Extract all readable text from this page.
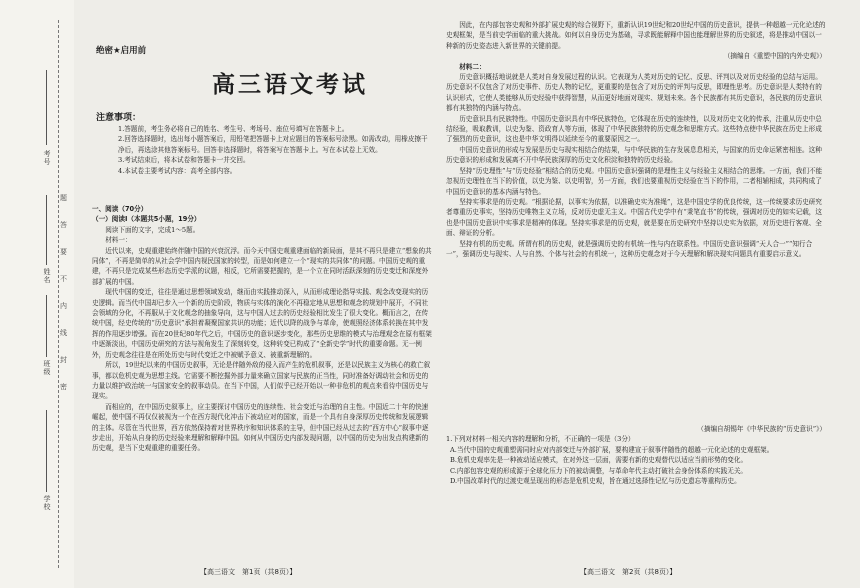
考号
姓名
班级
学校
密
封
线
内
不
要
答
题
绝密★启用前
高三语文考试
注意事项：

1.答题前，考生务必将自己的姓名、考生号、考场号、座位号填写在答题卡上。

2.回答选择题时，选出每小题答案后，用铅笔把答题卡上对应题目的答案标号涂黑。如需改动，用橡皮擦干净后，再选涂其他答案标号。回答非选择题时，将答案写在答题卡上。写在本试卷上无效。

3.考试结束后，将本试卷和答题卡一并交回。

4.本试卷主要考试内容：高考全部内容。

一、阅读（70分）

（一）阅读Ⅰ（本题共5小题，19分）

阅读下面的文字，完成1～5题。

材料一：

近代以来，史观重建始终伴随中国的兴衰沉浮。而今天中国史观重建面临的新局面，是其不再只是建立“想象的共同体”，不再是简单的从社会学中国内视民国家的转型，而是如何建立一个“现实的共同体”的问题。中国历史观的重建，不再只是完成某些形态历史学派的议题，相反，它所需要把握的，是一个立在同时活跃深刻的历史变迁和深度外部扩展的中国。

现代中国的变迁，往往是通过思想领域发动，继而由实践推动深入，从而形成理论指导实践、观念改变现实的历史逻辑。而当代中国却已步入一个新的历史阶段，物质与实体的演化不再稳定地从思想和观念的规划中展开，不同社会领域的分化，不再服从于文化观念的抽象导向，这与中国人过去的历史经验相比发生了很大变化。概而言之，在传统中国，经史传统的“历史意识”承担着凝聚国家共识的功能；近代以降的战争与革命，使观照经济体系转换在其中发挥的作用逐步增强。而在20世纪80年代之后，中国历史的意识逐步变化，那些历史思维的模式与治理观念在原有框架中逐渐淡出，中国历史研究的方法与视角发生了深刻转变，这种转变已构成了“全新史学”时代的重要命题。无一例外，历史观念往往是在所处历史与时代变迁之中被赋予意义、被重新理解的。

所以，19世纪以来的中国历史叙事，无论是伴随外敌的侵入而产生的危机叙事，还是以民族主义为核心的救亡叙事，都以危机史观为思想主线。它需要不断挖掘外部力量来确立国家与民族的正当性，同时准备好调动社会和历史的力量以维护政治统一与国家安全的叙事动员。在当下中国，人们似乎已经开始以一种非危机的观点来看待中国历史与现实。

而相应的，在中国历史叙事上，应主要探讨中国历史的连续性、社会变迁与治理的自主性。中国近二十年的快速崛起，使中国不再仅仅被视为一个在西方现代化冲击下被动应对的国家，而是一个具有自身深厚历史传统和发展逻辑的主体。尽管在当代世界，西方依然保持着对世界秩序和知识体系的主导，但中国已经从过去的“西方中心”叙事中逐步走出，开始从自身的历史经验来理解和解释中国。如何从中国历史内部发现问题，以中国的历史为出发点构建新的历史观，是当下史观重建的重要任务。

因此，在内部包容史观和外部扩展史观的综合视野下，重新认识19世纪和20世纪中国的历史意识，提供一种超越一元化论述的史观框架，是当前史学面临的重大挑战。如何以自身历史为基础，寻求既能解释中国也能理解世界的历史叙述，将是推动中国以一种新的历史姿态进入新世界的关键前提。

（摘编自《重塑中国的内外史观》）

材料二：

历史意识概括地说就是人类对自身发展过程的认识。它表现为人类对历史的记忆、反思、评判以及对历史经验的总结与运用。历史意识不仅包含了对历史事件、历史人物的记忆，更重要的是包含了对历史的评判与反思，即理性思考。历史意识是人类特有的认识形式，它使人类能够从历史经验中获得智慧，从而更好地面对现实、规划未来。各个民族都有其历史意识，各民族的历史意识都有其独特的内涵与特点。

历史意识具有民族特性。中国历史意识具有中华民族特色，它体现在历史的连续性，以及对历史文化的传承，注重从历史中总结经验，吸取教训，以史为鉴、资政育人等方面，体现了中华民族独特的历史观念和思维方式。这些特点使中华民族在历史上形成了强烈的历史意识，这也是中华文明得以延续至今的重要原因之一。

中国历史意识的形成与发展是历史与现实相结合的结果，与中华民族的生存发展息息相关，与国家的历史命运紧密相连。这种历史意识的形成和发展离不开中华民族深厚的历史文化积淀和独特的历史经验。

坚持“历史理性”与“历史经验”相结合的历史观。中国历史意识强调的是理性主义与经验主义相结合的思维。一方面，我们不能忽视历史理性在当下的价值，以史为鉴、以史明智，另一方面，我们也要重视历史经验在当下的作用，二者相辅相成，共同构成了中国历史意识的基本内涵与特色。

坚持实事求是的历史观。“根据论据，以事实为依据，以准确史实为准绳”，这是中国史学的优良传统，这一传统要求历史研究者尊重历史事实，坚持历史唯物主义立场，反对历史虚无主义。中国古代史学中有“秉笔直书”的传统，强调对历史的如实记载，这也是中国历史意识中实事求是精神的体现。坚持实事求是的历史观，就是要在历史研究中坚持以史实为依据，对历史进行客观、全面、辩证的分析。

坚持有机的历史观。所谓有机的历史观，就是强调历史的有机统一性与内在联系性。中国历史意识强调“天人合一”“知行合一”，强调历史与现实、人与自然、个体与社会的有机统一，这种历史观念对于今天理解和解决现实问题具有重要启示意义。

（摘编自胡锡年《中华民族的“历史意识”》）

1.下列对材料一相关内容的理解和分析，不正确的一项是（3分）

A.当代中国的史观重塑需同时应对内部变迁与外部扩展，要构建宣于叙事伴随性的超越一元化论述的史观框架。

B.危机史观率先是一种被动适应模式，在对外这一层面，需要有新的史观替代以适应当前形势的变化。

C.内部包容史观的形成源于全球化压力下的被动调整，与革命年代主动打破社会身份体系的实践无关。

D.中国改革时代的过渡史观呈现出的形态是危机史观，旨在通过选择性记忆与历史遗忘等重构历史。

【高三语文　第1页（共8页）】	【高三语文　第2页（共8页）】
